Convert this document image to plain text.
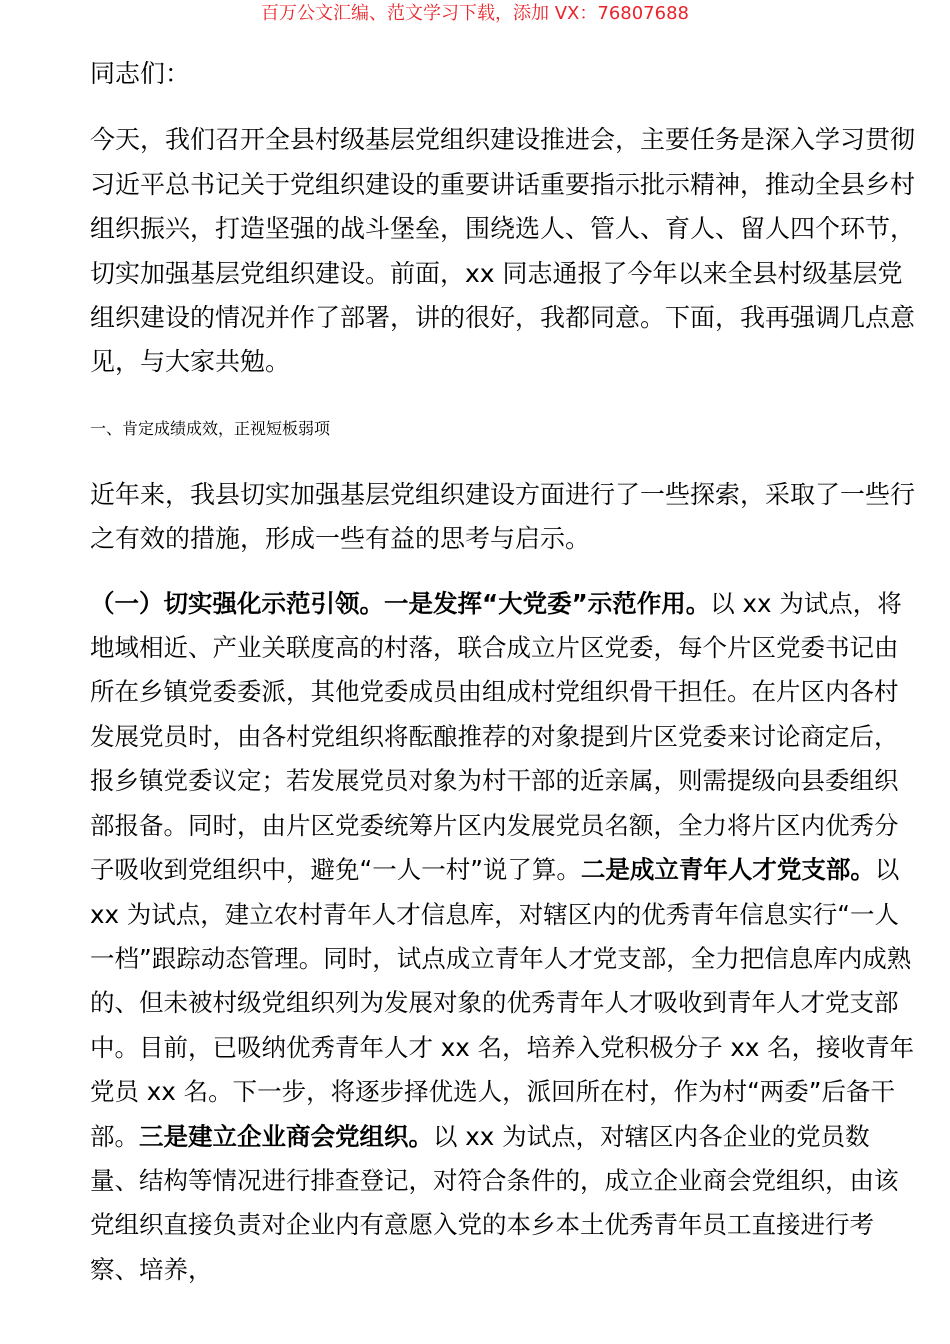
百万公文汇编、范文学习下载，添加 VX：76807688

同志们：

今天，我们召开全县村级基层党组织建设推进会，主要任务是深入学习贯彻习近平总书记关于党组织建设的重要讲话重要指示批示精神，推动全县乡村组织振兴，打造坚强的战斗堡垒，围绕选人、管人、育人、留人四个环节，切实加强基层党组织建设。前面，xx 同志通报了今年以来全县村级基层党组织建设的情况并作了部署，讲的很好，我都同意。下面，我再强调几点意见，与大家共勉。

一、肯定成绩成效，正视短板弱项

近年来，我县切实加强基层党组织建设方面进行了一些探索，采取了一些行之有效的措施，形成一些有益的思考与启示。

（一）切实强化示范引领。一是发挥“大党委”示范作用。以 xx 为试点，将地域相近、产业关联度高的村落，联合成立片区党委，每个片区党委书记由所在乡镇党委委派，其他党委成员由组成村党组织骨干担任。在片区内各村发展党员时，由各村党组织将酝酿推荐的对象提到片区党委来讨论商定后，报乡镇党委议定；若发展党员对象为村干部的近亲属，则需提级向县委组织部报备。同时，由片区党委统筹片区内发展党员名额，全力将片区内优秀分子吸收到党组织中，避免“一人一村”说了算。二是成立青年人才党支部。以 xx 为试点，建立农村青年人才信息库，对辖区内的优秀青年信息实行“一人一档”跟踪动态管理。同时，试点成立青年人才党支部，全力把信息库内成熟的、但未被村级党组织列为发展对象的优秀青年人才吸收到青年人才党支部中。目前，已吸纳优秀青年人才 xx 名，培养入党积极分子 xx 名，接收青年党员 xx 名。下一步，将逐步择优选人，派回所在村，作为村“两委”后备干部。三是建立企业商会党组织。以 xx 为试点，对辖区内各企业的党员数量、结构等情况进行排查登记，对符合条件的，成立企业商会党组织，由该党组织直接负责对企业内有意愿入党的本乡本土优秀青年员工直接进行考察、培养，
